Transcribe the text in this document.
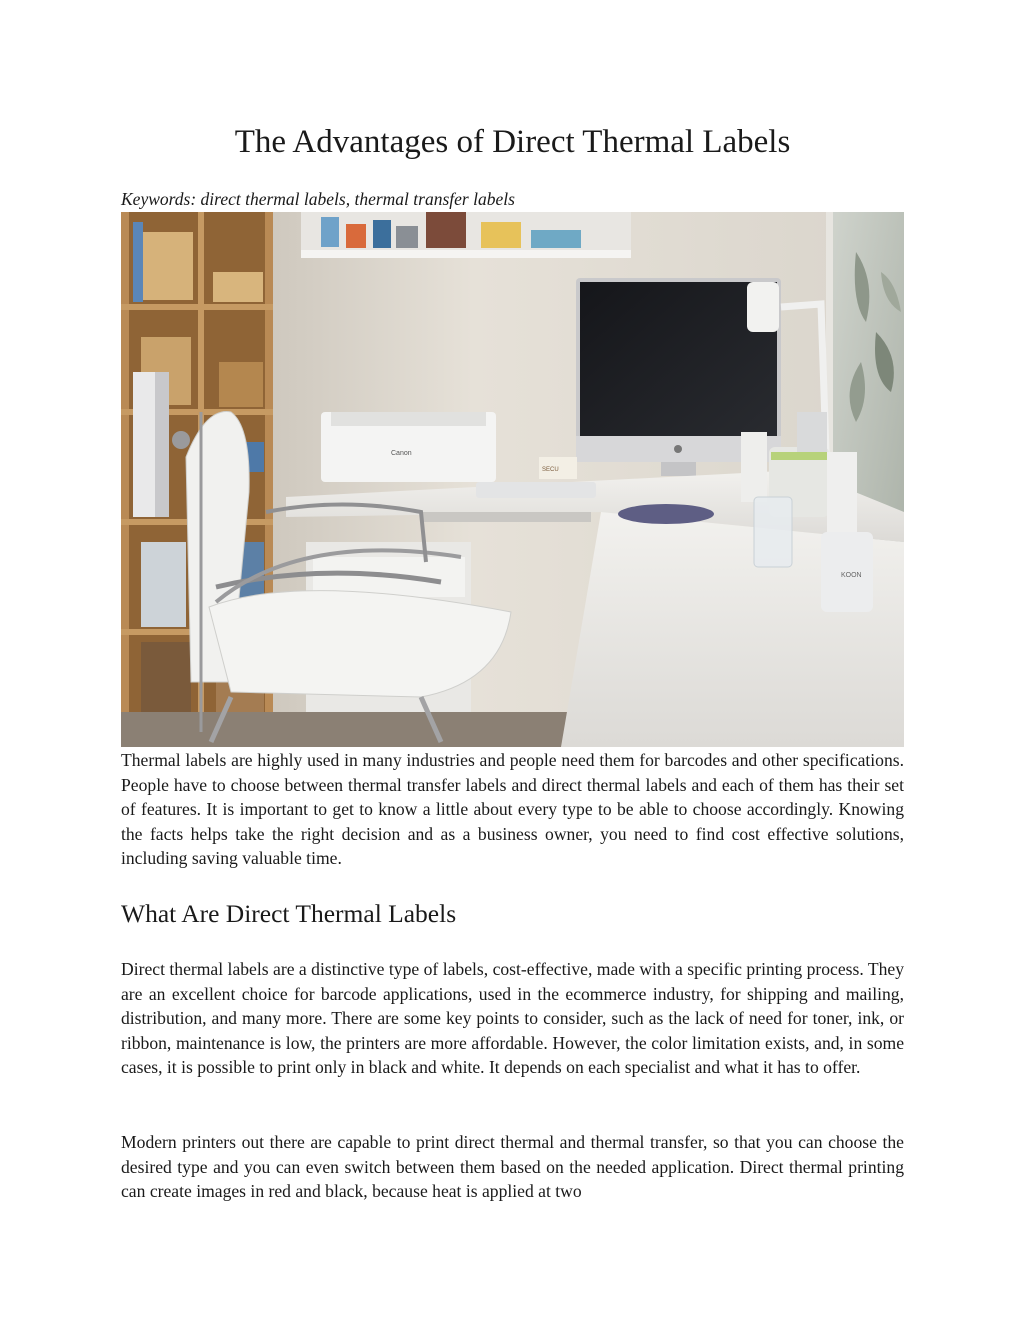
The Advantages of Direct Thermal Labels

Keywords: direct thermal labels, thermal transfer labels

Canon
KOON
SECU

Thermal labels are highly used in many industries and people need them for barcodes and other specifications. People have to choose between thermal transfer labels and direct thermal labels and each of them has their set of features. It is important to get to know a little about every type to be able to choose accordingly. Knowing the facts helps take the right decision and as a business owner, you need to find cost effective solutions, including saving valuable time.

What Are Direct Thermal Labels

Direct thermal labels are a distinctive type of labels, cost-effective, made with a specific printing process. They are an excellent choice for barcode applications, used in the ecommerce industry, for shipping and mailing, distribution, and many more. There are some key points to consider, such as the lack of need for toner, ink, or ribbon, maintenance is low, the printers are more affordable. However, the color limitation exists, and, in some cases, it is possible to print only in black and white. It depends on each specialist and what it has to offer.

Modern printers out there are capable to print direct thermal and thermal transfer, so that you can choose the desired type and you can even switch between them based on the needed application. Direct thermal printing can create images in red and black, because heat is applied at two
